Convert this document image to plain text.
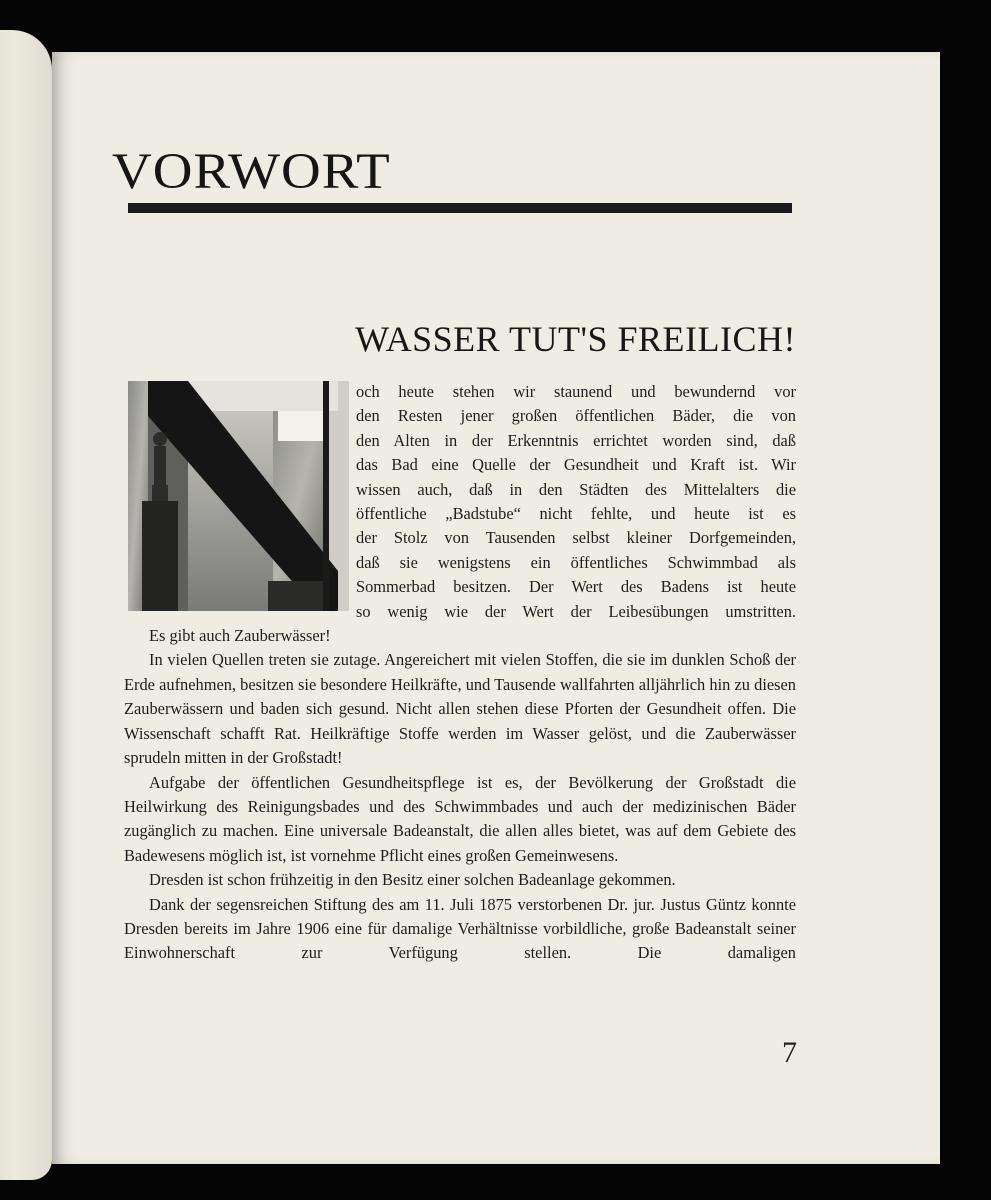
VORWORT
WASSER TUT'S FREILICH!

och heute stehen wir staunend und bewundernd vor

den Resten jener großen öffentlichen Bäder, die von

den Alten in der Erkenntnis errichtet worden sind, daß

das Bad eine Quelle der Gesundheit und Kraft ist. Wir

wissen auch, daß in den Städten des Mittelalters die

öffentliche „Badstube“ nicht fehlte, und heute ist es

der Stolz von Tausenden selbst kleiner Dorfgemeinden,

daß sie wenigstens ein öffentliches Schwimmbad als

Sommerbad besitzen. Der Wert des Badens ist heute

so wenig wie der Wert der Leibesübungen umstritten.

Es gibt auch Zauberwässer!

In vielen Quellen treten sie zutage. Angereichert mit vielen Stoffen, die sie im dunklen Schoß der Erde aufnehmen, besitzen sie besondere Heilkräfte, und Tausende wallfahrten alljährlich hin zu diesen Zauberwässern und baden sich gesund. Nicht allen stehen diese Pforten der Gesundheit offen. Die Wissenschaft schafft Rat. Heilkräftige Stoffe werden im Wasser gelöst, und die Zauberwässer sprudeln mitten in der Großstadt!

Aufgabe der öffentlichen Gesundheitspflege ist es, der Bevölkerung der Großstadt die Heilwirkung des Reinigungsbades und des Schwimmbades und auch der medizinischen Bäder zugänglich zu machen. Eine universale Badeanstalt, die allen alles bietet, was auf dem Gebiete des Badewesens möglich ist, ist vornehme Pflicht eines großen Gemeinwesens.

Dresden ist schon frühzeitig in den Besitz einer solchen Badeanlage gekommen.

Dank der segensreichen Stiftung des am 11. Juli 1875 verstorbenen Dr. jur. Justus Güntz konnte Dresden bereits im Jahre 1906 eine für damalige Verhältnisse vorbildliche, große Badeanstalt seiner Einwohnerschaft zur Verfügung stellen. Die damaligen

7
